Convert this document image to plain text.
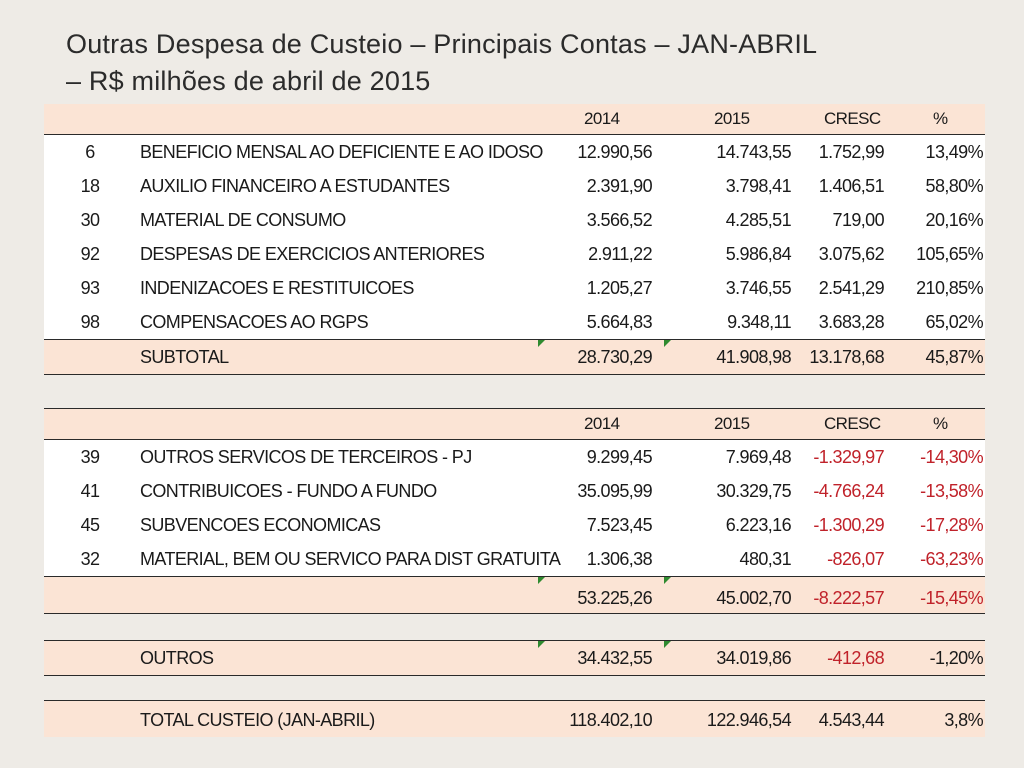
Outras Despesa de Custeio – Principais Contas – JAN-ABRIL
– R$ milhões de abril de 2015
2014	2015	CRESC	%
6	BENEFICIO MENSAL AO DEFICIENTE E AO IDOSO	12.990,56	14.743,55 1.752,99 13,49%
18	AUXILIO FINANCEIRO A ESTUDANTES	2.391,90	3.798,41 1.406,51 58,80%
30	MATERIAL DE CONSUMO	3.566,52	4.285,51 719,00 20,16%
92	DESPESAS DE EXERCICIOS ANTERIORES	2.911,22	5.986,84 3.075,62 105,65%
93	INDENIZACOES E RESTITUICOES	1.205,27	3.746,55 2.541,29 210,85%
98	COMPENSACOES AO RGPS	5.664,83	9.348,11 3.683,28 65,02%
SUBTOTAL	28.730,29	41.908,98 13.178,68 45,87%
2014	2015	CRESC	%
39	OUTROS SERVICOS DE TERCEIROS - PJ	9.299,45	7.969,48 -1.329,97 -14,30%
41	CONTRIBUICOES - FUNDO A FUNDO	35.095,99	30.329,75 -4.766,24 -13,58%
45	SUBVENCOES ECONOMICAS	7.523,45	6.223,16 -1.300,29 -17,28%
32	MATERIAL, BEM OU SERVICO PARA DIST GRATUITA	1.306,38	480,31 -826,07 -63,23%
53.225,26	45.002,70 -8.222,57 -15,45%
OUTROS	34.432,55	34.019,86 -412,68	-1,20%
TOTAL CUSTEIO (JAN-ABRIL)	118.402,10	122.946,54 4.543,44	3,8%
